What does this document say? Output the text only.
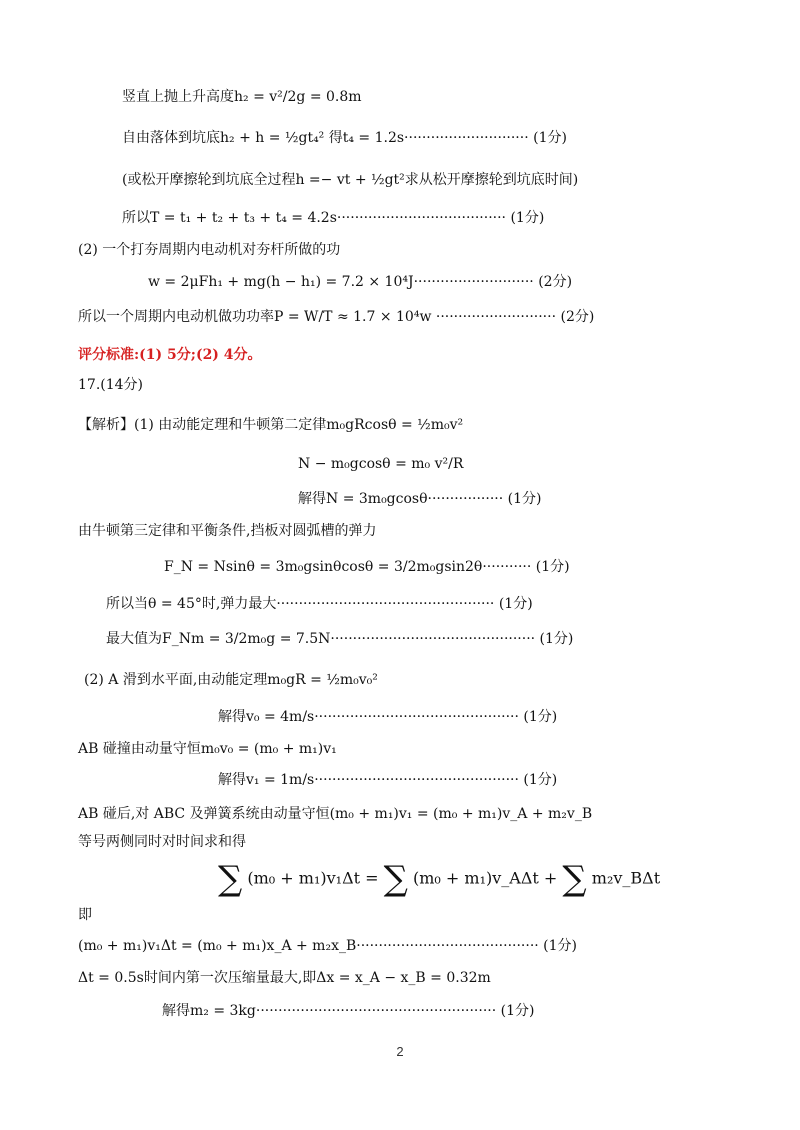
竖直上抛上升高度h₂ = v²/2g = 0.8m
自由落体到坑底h₂ + h = ½gt₄² 得t₄ = 1.2s···························· (1分)
(或松开摩擦轮到坑底全过程h =− vt + ½gt²求从松开摩擦轮到坑底时间)
所以T = t₁ + t₂ + t₃ + t₄ = 4.2s······································ (1分)
(2) 一个打夯周期内电动机对夯杆所做的功
w = 2μFh₁ + mg(h − h₁) = 7.2 × 10⁴J··························· (2分)
所以一个周期内电动机做功功率P = W/T ≈ 1.7 × 10⁴w ··························· (2分)
评分标准:(1) 5分;(2) 4分。
17.(14分)
【解析】(1) 由动能定理和牛顿第二定律m₀gRcosθ = ½m₀v²
N − m₀gcosθ = m₀ v²/R
解得N = 3m₀gcosθ················· (1分)
由牛顿第三定律和平衡条件,挡板对圆弧槽的弹力
F_N = Nsinθ = 3m₀gsinθcosθ = 3/2m₀gsin2θ··········· (1分)
所以当θ = 45°时,弹力最大················································· (1分)
最大值为F_Nm = 3/2m₀g = 7.5N·············································· (1分)
(2) A 滑到水平面,由动能定理m₀gR = ½m₀v₀²
解得v₀ = 4m/s·············································· (1分)
AB 碰撞由动量守恒m₀v₀ = (m₀ + m₁)v₁
解得v₁ = 1m/s·············································· (1分)
AB 碰后,对 ABC 及弹簧系统由动量守恒(m₀ + m₁)v₁ = (m₀ + m₁)v_A + m₂v_B
等号两侧同时对时间求和得
∑ (m₀ + m₁)v₁Δt = ∑ (m₀ + m₁)v_AΔt + ∑ m₂v_BΔt
即
(m₀ + m₁)v₁Δt = (m₀ + m₁)x_A + m₂x_B········································· (1分)
Δt = 0.5s时间内第一次压缩量最大,即Δx = x_A − x_B = 0.32m
解得m₂ = 3kg······················································ (1分)
2
